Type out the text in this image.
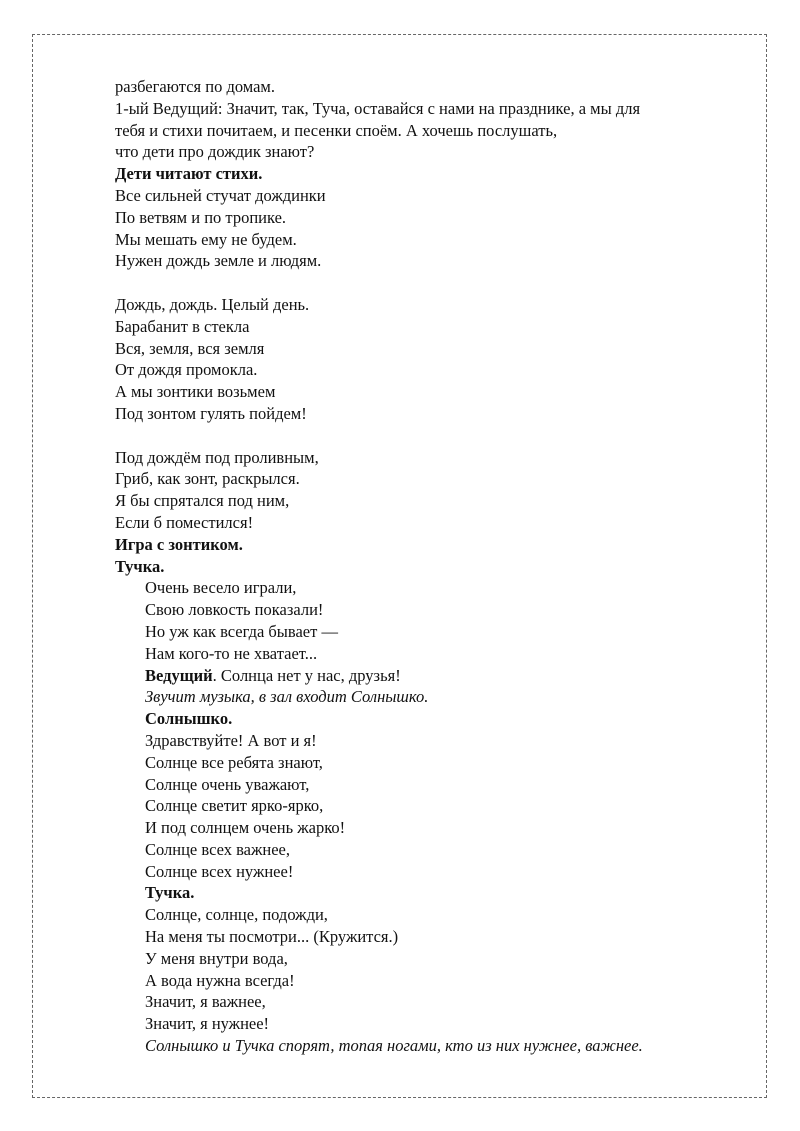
разбегаются по домам.
1-ый Ведущий: Значит, так, Туча, оставайся с нами на празднике, а мы для
тебя и стихи почитаем, и песенки споём. А хочешь послушать,
что дети про дождик знают?
Дети читают стихи.
Все сильней стучат дождинки
По ветвям и по тропике.
Мы мешать ему не будем.
Нужен дождь земле и людям.
Дождь, дождь. Целый день.
Барабанит в стекла
Вся, земля, вся земля
От дождя промокла.
А мы зонтики возьмем
Под зонтом гулять пойдем!
Под дождём под проливным,
Гриб, как зонт, раскрылся.
Я бы спрятался под ним,
Если б поместился!
Игра с зонтиком.
Тучка.
Очень весело играли,
Свою ловкость показали!
Но уж как всегда бывает —
Нам кого-то не хватает...
Ведущий. Солнца нет у нас, друзья!
Звучит музыка, в зал входит Солнышко.
Солнышко.
Здравствуйте! А вот и я!
Солнце все ребята знают,
Солнце очень уважают,
Солнце светит ярко-ярко,
И под солнцем очень жарко!
Солнце всех важнее,
Солнце всех нужнее!
Тучка.
Солнце, солнце, подожди,
На меня ты посмотри... (Кружится.)
У меня внутри вода,
А вода нужна всегда!
Значит, я важнее,
Значит, я нужнее!
Солнышко и Тучка спорят, топая ногами, кто из них нужнее, важнее.
